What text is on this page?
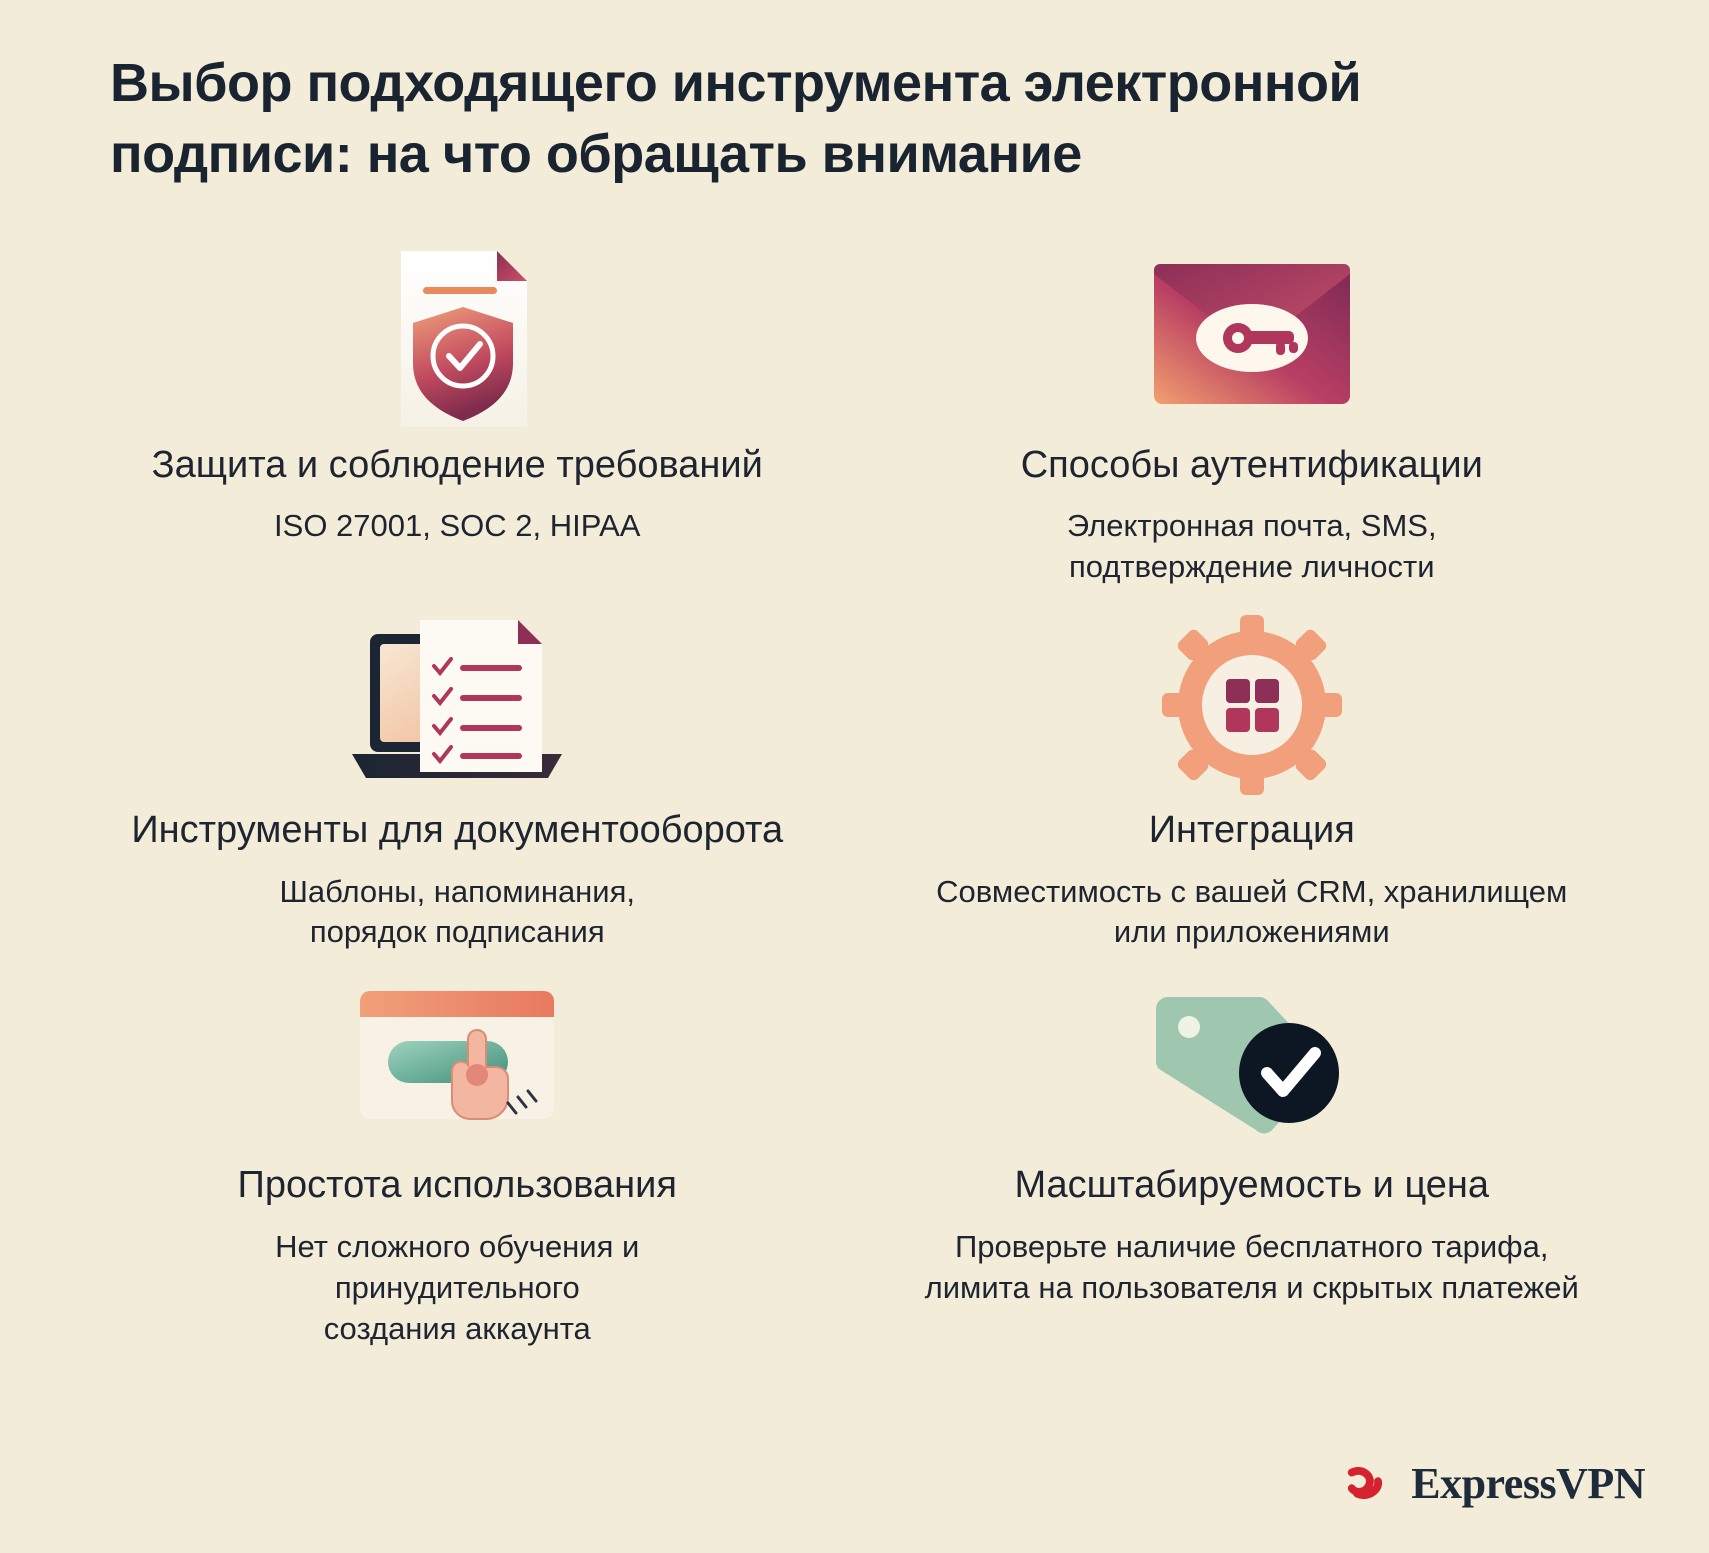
Выбор подходящего инструмента электронной подписи: на что обращать внимание
Защита и соблюдение требований
ISO 27001, SOC 2, HIPAA
Способы аутентификации
Электронная почта, SMS, подтверждение личности
Инструменты для документооборота
Шаблоны, напоминания, порядок подписания
Интеграция
Совместимость с вашей CRM, хранилищем или приложениями
Простота использования
Нет сложного обучения и принудительного создания аккаунта
Масштабируемость и цена
Проверьте наличие бесплатного тарифа, лимита на пользователя и скрытых платежей
ExpressVPN
